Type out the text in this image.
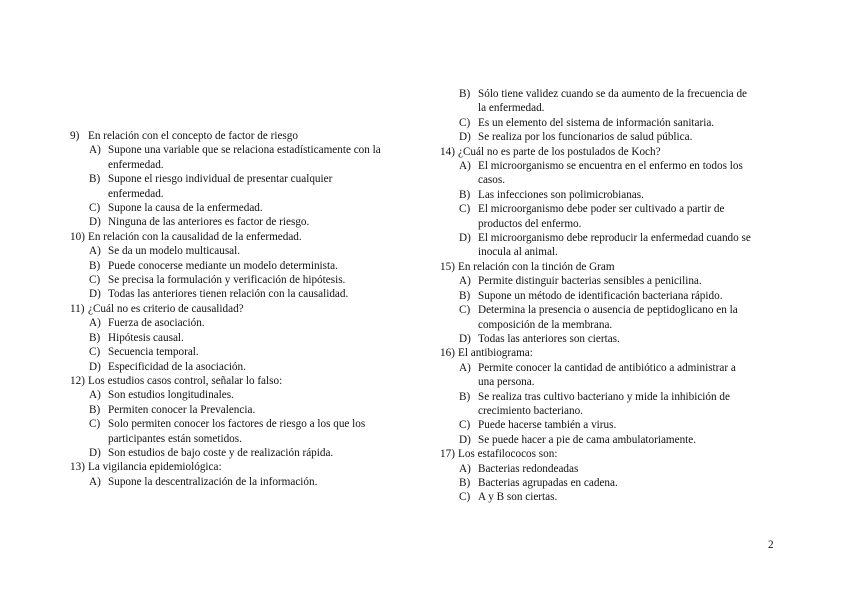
9) En relación con el concepto de factor de riesgo
A) Supone una variable que se relaciona estadísticamente con la
enfermedad.
B) Supone el riesgo individual de presentar cualquier
enfermedad.
C) Supone la causa de la enfermedad.
D) Ninguna de las anteriores es factor de riesgo.
10) En relación con la causalidad de la enfermedad.
A) Se da un modelo multicausal.
B) Puede conocerse mediante un modelo determinista.
C) Se precisa la formulación y verificación de hipótesis.
D) Todas las anteriores tienen relación con la causalidad.
11) ¿Cuál no es criterio de causalidad?
A) Fuerza de asociación.
B) Hipótesis causal.
C) Secuencia temporal.
D) Especificidad de la asociación.
12) Los estudios casos control, señalar lo falso:
A) Son estudios longitudinales.
B) Permiten conocer la Prevalencia.
C) Solo permiten conocer los factores de riesgo a los que los
participantes están sometidos.
D) Son estudios de bajo coste y de realización rápida.
13) La vigilancia epidemiológica:
A) Supone la descentralización de la información.
B) Sólo tiene validez cuando se da aumento de la frecuencia de
la enfermedad.
C) Es un elemento del sistema de información sanitaria.
D) Se realiza por los funcionarios de salud pública.
14) ¿Cuál no es parte de los postulados de Koch?
A) El microorganismo se encuentra en el enfermo en todos los
casos.
B) Las infecciones son polimicrobianas.
C) El microorganismo debe poder ser cultivado a partir de
productos del enfermo.
D) El microorganismo debe reproducir la enfermedad cuando se
inocula al animal.
15) En relación con la tinción de Gram
A) Permite distinguir bacterias sensibles a penicilina.
B) Supone un método de identificación bacteriana rápido.
C) Determina la presencia o ausencia de peptidoglicano en la
composición de la membrana.
D) Todas las anteriores son ciertas.
16) El antibiograma:
A) Permite conocer la cantidad de antibiótico a administrar a
una persona.
B) Se realiza tras cultivo bacteriano y mide la inhibición de
crecimiento bacteriano.
C) Puede hacerse también a virus.
D) Se puede hacer a pie de cama ambulatoriamente.
17) Los estafilococos son:
A) Bacterias redondeadas
B) Bacterias agrupadas en cadena.
C) A y B son ciertas.
2
